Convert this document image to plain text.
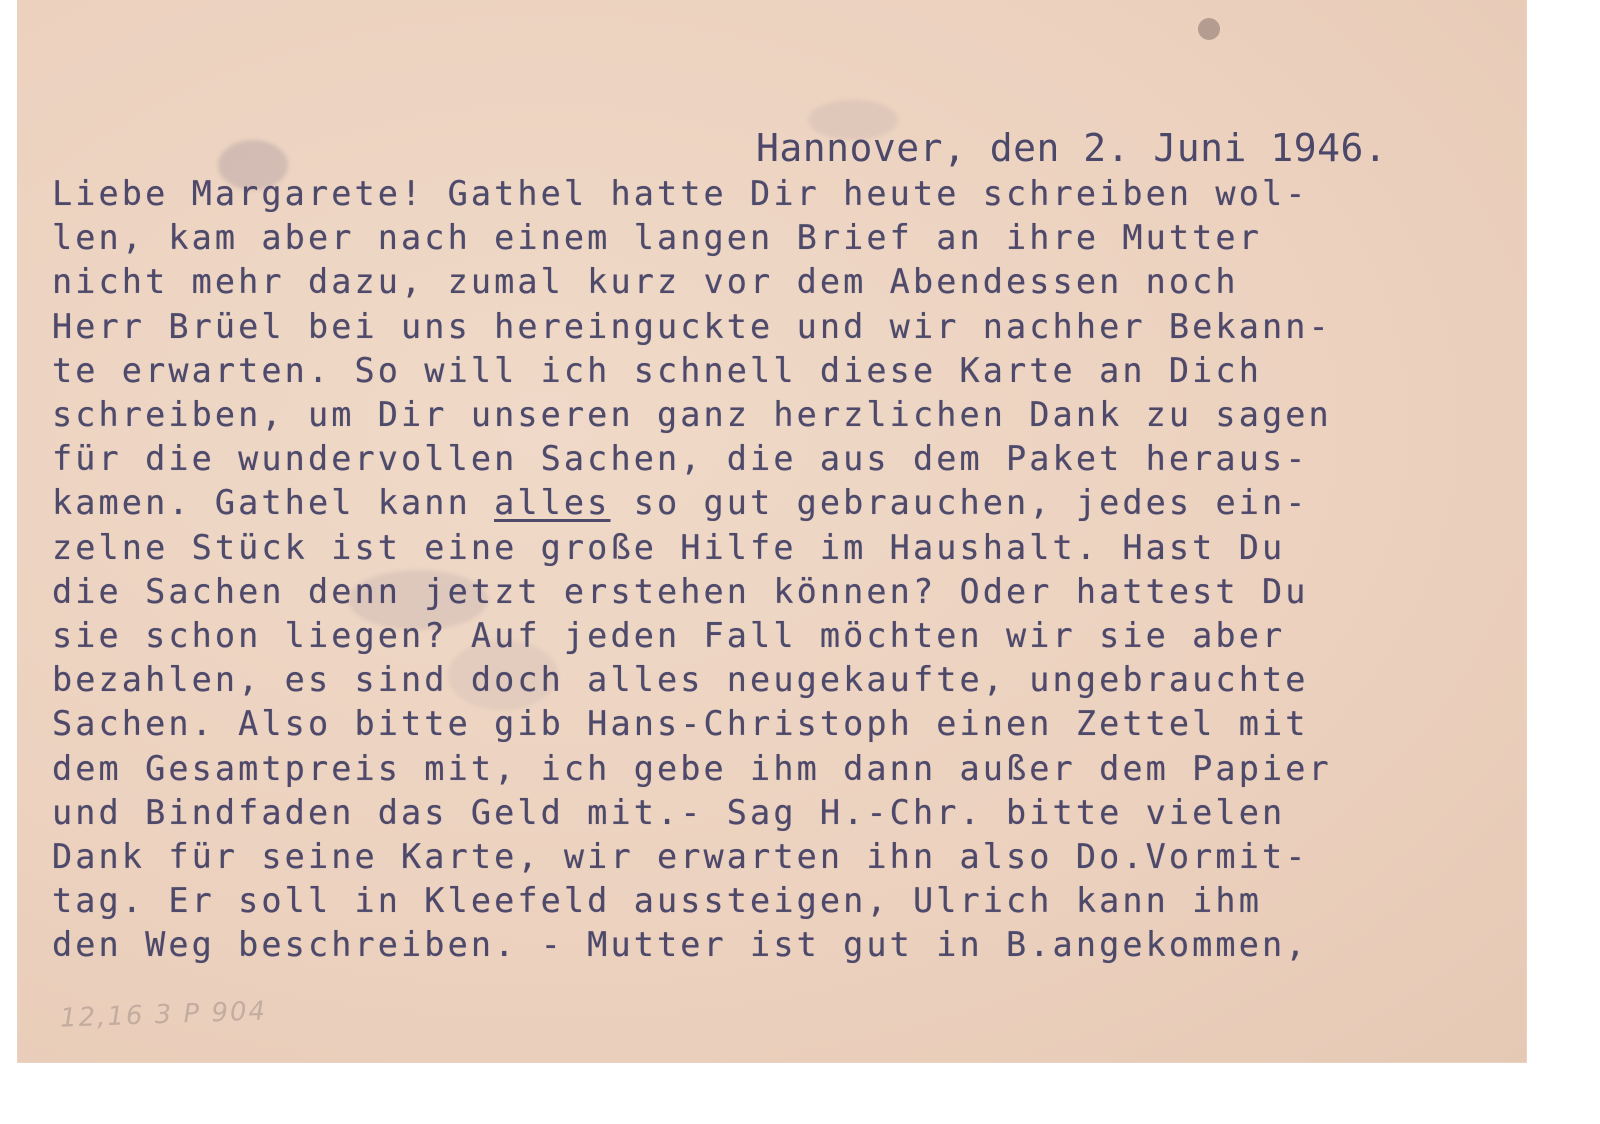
Hannover, den 2. Juni 1946.
Liebe Margarete! Gathel hatte Dir heute schreiben wol-
len, kam aber nach einem langen Brief an ihre Mutter
nicht mehr dazu, zumal kurz vor dem Abendessen noch
Herr Brüel bei uns hereinguckte und wir nachher Bekann-
te erwarten. So will ich schnell diese Karte an Dich
schreiben, um Dir unseren ganz herzlichen Dank zu sagen
für die wundervollen Sachen, die aus dem Paket heraus-
kamen. Gathel kann alles so gut gebrauchen, jedes ein-
zelne Stück ist eine große Hilfe im Haushalt. Hast Du
die Sachen denn jetzt erstehen können? Oder hattest Du
sie schon liegen? Auf jeden Fall möchten wir sie aber
bezahlen, es sind doch alles neugekaufte, ungebrauchte
Sachen. Also bitte gib Hans-Christoph einen Zettel mit
dem Gesamtpreis mit, ich gebe ihm dann außer dem Papier
und Bindfaden das Geld mit.- Sag H.-Chr. bitte vielen
Dank für seine Karte, wir erwarten ihn also Do.Vormit-
tag. Er soll in Kleefeld aussteigen, Ulrich kann ihm
den Weg beschreiben. - Mutter ist gut in B.angekommen,
12,16 3 P 904
